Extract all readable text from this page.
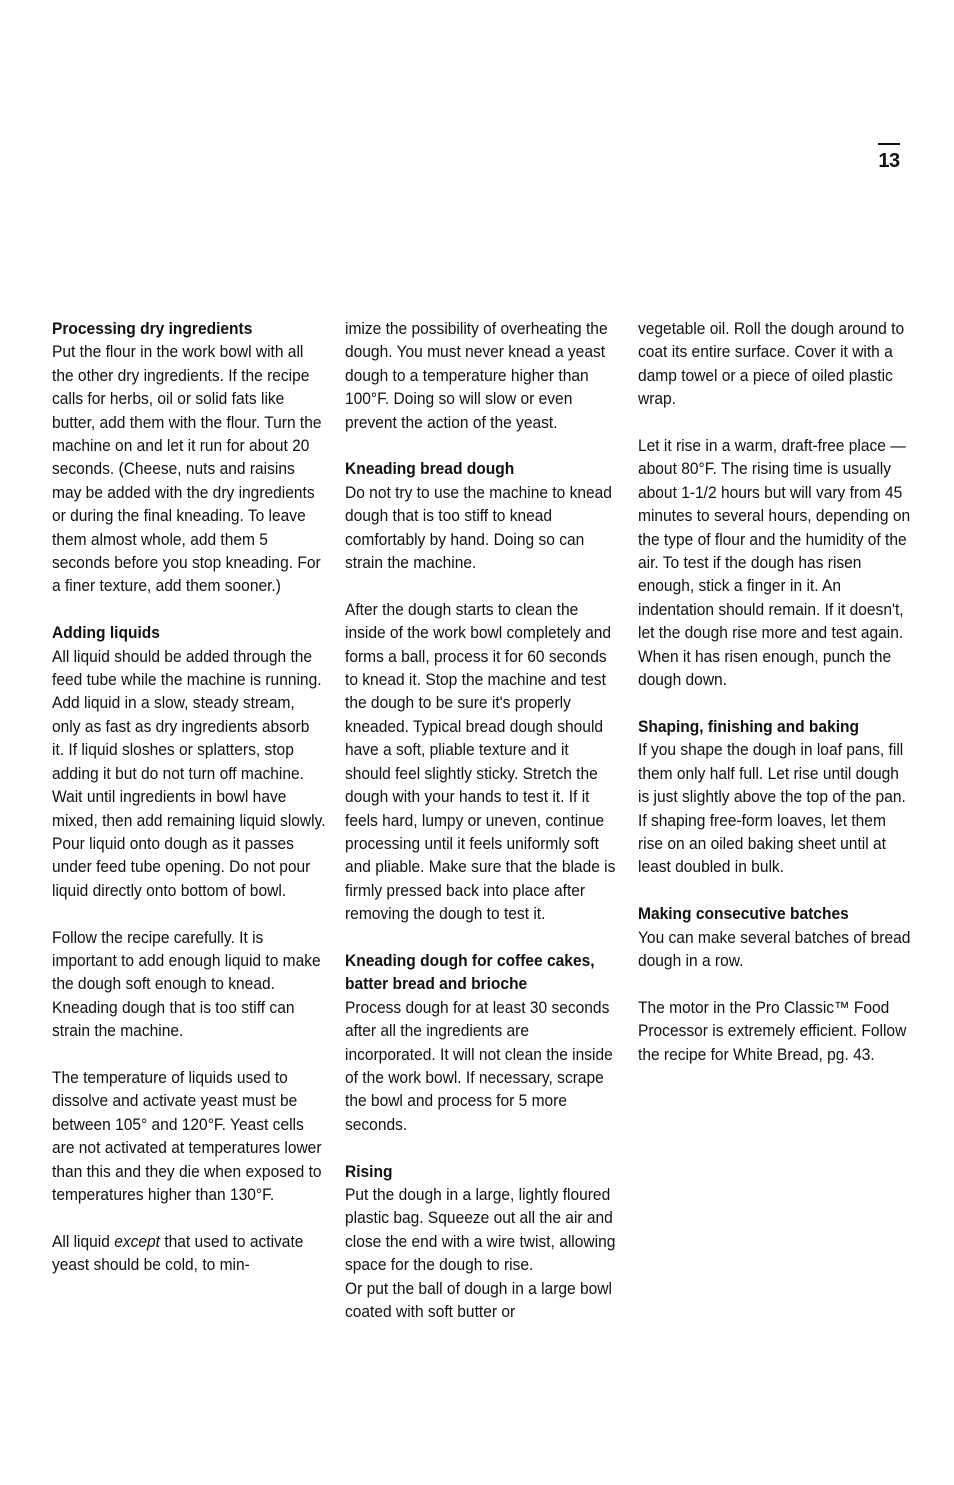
13
Processing dry ingredients

Put the flour in the work bowl with all the other dry ingredients. If the recipe calls for herbs, oil or solid fats like butter, add them with the flour. Turn the machine on and let it run for about 20 seconds. (Cheese, nuts and raisins may be added with the dry ingredients or during the final kneading. To leave them almost whole, add them 5 seconds before you stop kneading. For a finer texture, add them sooner.)

Adding liquids

All liquid should be added through the feed tube while the machine is running. Add liquid in a slow, steady stream, only as fast as dry ingredients absorb it. If liquid sloshes or splatters, stop adding it but do not turn off machine. Wait until ingredients in bowl have mixed, then add remaining liquid slowly. Pour liquid onto dough as it passes under feed tube opening. Do not pour liquid directly onto bottom of bowl.

Follow the recipe carefully. It is important to add enough liquid to make the dough soft enough to knead. Kneading dough that is too stiff can strain the machine.

The temperature of liquids used to dissolve and activate yeast must be between 105° and 120°F. Yeast cells are not activated at temperatures lower than this and they die when exposed to temperatures higher than 130°F.

All liquid except that used to activate yeast should be cold, to min-

imize the possibility of overheating the dough. You must never knead a yeast dough to a temperature higher than 100°F. Doing so will slow or even prevent the action of the yeast.

Kneading bread dough

Do not try to use the machine to knead dough that is too stiff to knead comfortably by hand. Doing so can strain the machine.

After the dough starts to clean the inside of the work bowl completely and forms a ball, process it for 60 seconds to knead it. Stop the machine and test the dough to be sure it's properly kneaded. Typical bread dough should have a soft, pliable texture and it should feel slightly sticky. Stretch the dough with your hands to test it. If it feels hard, lumpy or uneven, continue processing until it feels uniformly soft and pliable. Make sure that the blade is firmly pressed back into place after removing the dough to test it.

Kneading dough for coffee cakes, batter bread and brioche

Process dough for at least 30 seconds after all the ingredients are incorporated. It will not clean the inside of the work bowl. If necessary, scrape the bowl and process for 5 more seconds.

Rising

Put the dough in a large, lightly floured plastic bag. Squeeze out all the air and close the end with a wire twist, allowing space for the dough to rise.

Or put the ball of dough in a large bowl coated with soft butter or

vegetable oil. Roll the dough around to coat its entire surface. Cover it with a damp towel or a piece of oiled plastic wrap.

Let it rise in a warm, draft-free place — about 80°F. The rising time is usually about 1-1/2 hours but will vary from 45 minutes to several hours, depending on the type of flour and the humidity of the air. To test if the dough has risen enough, stick a finger in it. An indentation should remain. If it doesn't, let the dough rise more and test again. When it has risen enough, punch the dough down.

Shaping, finishing and baking

If you shape the dough in loaf pans, fill them only half full. Let rise until dough is just slightly above the top of the pan. If shaping free-form loaves, let them rise on an oiled baking sheet until at least doubled in bulk.

Making consecutive batches

You can make several batches of bread dough in a row.

The motor in the Pro Classic™ Food Processor is extremely efficient. Follow the recipe for White Bread, pg. 43.
